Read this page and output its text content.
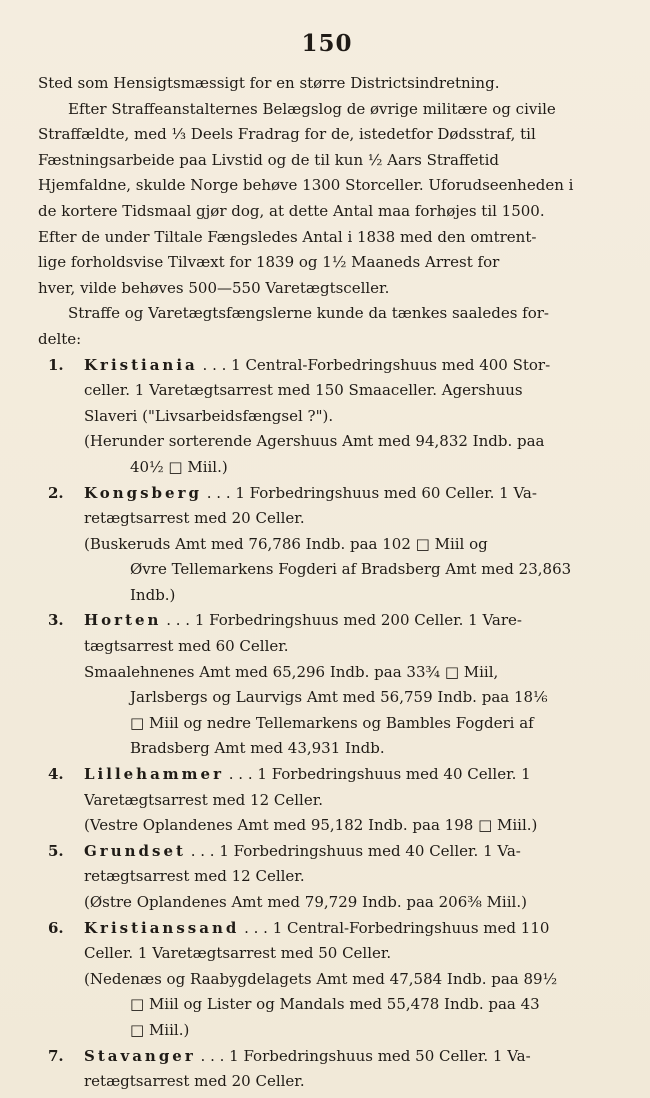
150
Sted som Hensigtsmæssigt for en større Districtsindretning.
Efter Straffeanstalternes Belægslog de øvrige militære og civile
Straffældte, med ⅓ Deels Fradrag for de, istedetfor Dødsstraf, til
Fæstningsarbeide paa Livstid og de til kun ½ Aars Straffetid
Hjemfaldne, skulde Norge behøve 1300 Storceller. Uforudseenheden i
de kortere Tidsmaal gjør dog, at dette Antal maa forhøjes til 1500.
Efter de under Tiltale Fængsledes Antal i 1838 med den omtrent-
lige forholdsvise Tilvæxt for 1839 og 1½ Maaneds Arrest for
hver, vilde behøves 500—550 Varetægtsceller.
Straffe og Varetægtsfængslerne kunde da tænkes saaledes for-
delte:
1. Kristiania . . . 1 Central-Forbedringshuus med 400 Stor-
celler. 1 Varetægtsarrest med 150 Smaaceller. Agershuus
Slaveri ("Livsarbeidsfængsel ?").
(Herunder sorterende Agershuus Amt med 94,832 Indb. paa
40½ □ Miil.)
2. Kongsberg . . . 1 Forbedringshuus med 60 Celler. 1 Va-
retægtsarrest med 20 Celler.
(Buskeruds Amt med 76,786 Indb. paa 102 □ Miil og
Øvre Tellemarkens Fogderi af Bradsberg Amt med 23,863
Indb.)
3. Horten . . . 1 Forbedringshuus med 200 Celler. 1 Vare-
tægtsarrest med 60 Celler.
Smaalehnenes Amt med 65,296 Indb. paa 33¾ □ Miil,
Jarlsbergs og Laurvigs Amt med 56,759 Indb. paa 18⅙
□ Miil og nedre Tellemarkens og Bambles Fogderi af
Bradsberg Amt med 43,931 Indb.
4. Lillehammer . . . 1 Forbedringshuus med 40 Celler. 1
Varetægtsarrest med 12 Celler.
(Vestre Oplandenes Amt med 95,182 Indb. paa 198 □ Miil.)
5. Grundset . . . 1 Forbedringshuus med 40 Celler. 1 Va-
retægtsarrest med 12 Celler.
(Østre Oplandenes Amt med 79,729 Indb. paa 206⅜ Miil.)
6. Kristianssand . . . 1 Central-Forbedringshuus med 110
Celler. 1 Varetægtsarrest med 50 Celler.
(Nedenæs og Raabygdelagets Amt med 47,584 Indb. paa 89½
□ Miil og Lister og Mandals med 55,478 Indb. paa 43
□ Miil.)
7. Stavanger . . . 1 Forbedringshuus med 50 Celler. 1 Va-
retægtsarrest med 20 Celler.
